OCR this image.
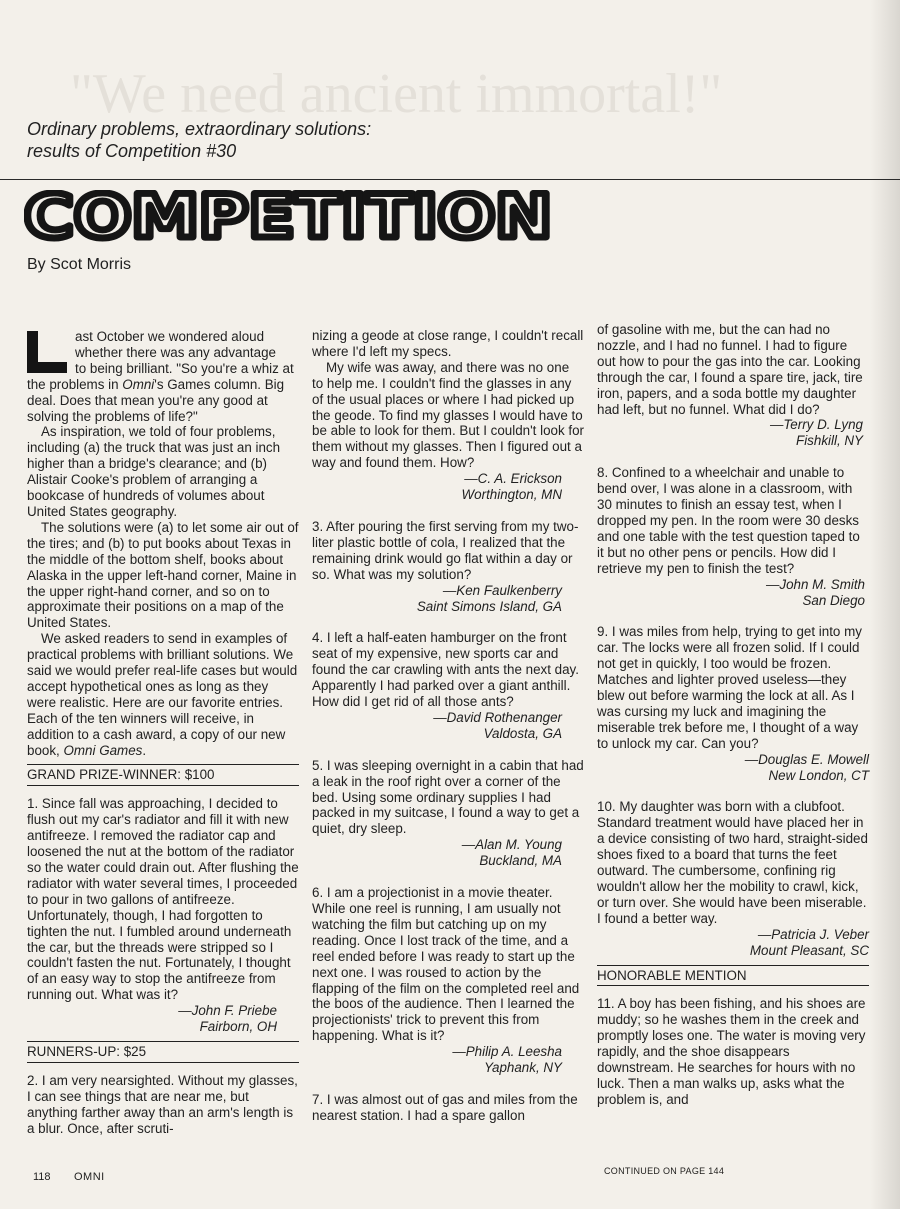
"We need ancient immortal!"
Ordinary problems, extraordinary solutions:
results of Competition #30
COMPETITION
By Scot Morris

ast October we wondered aloud
whether there was any advantage
to being brilliant. "So you're a whiz at the problems in Omni's Games column. Big deal. Does that mean you're any good at solving the problems of life?"

As inspiration, we told of four problems, including (a) the truck that was just an inch higher than a bridge's clearance; and (b) Alistair Cooke's problem of arranging a bookcase of hundreds of volumes about United States geography.

The solutions were (a) to let some air out of the tires; and (b) to put books about Texas in the middle of the bottom shelf, books about Alaska in the upper left-hand corner, Maine in the upper right-hand corner, and so on to approximate their positions on a map of the United States.

We asked readers to send in examples of practical problems with brilliant solutions. We said we would prefer real-life cases but would accept hypothetical ones as long as they were realistic. Here are our favorite entries. Each of the ten winners will receive, in addition to a cash award, a copy of our new book, Omni Games.

GRAND PRIZE-WINNER: $100

1. Since fall was approaching, I decided to flush out my car's radiator and fill it with new antifreeze. I removed the radiator cap and loosened the nut at the bottom of the radiator so the water could drain out. After flushing the radiator with water several times, I proceeded to pour in two gallons of antifreeze. Unfortunately, though, I had forgotten to tighten the nut. I fumbled around underneath the car, but the threads were stripped so I couldn't fasten the nut. Fortunately, I thought of an easy way to stop the antifreeze from running out. What was it?

—John F. Priebe
Fairborn, OH
RUNNERS-UP: $25

2. I am very nearsighted. Without my glasses, I can see things that are near me, but anything farther away than an arm's length is a blur. Once, after scruti-

nizing a geode at close range, I couldn't recall where I'd left my specs.

My wife was away, and there was no one to help me. I couldn't find the glasses in any of the usual places or where I had picked up the geode. To find my glasses I would have to be able to look for them. But I couldn't look for them without my glasses. Then I figured out a way and found them. How?

—C. A. Erickson
Worthington, MN

3. After pouring the first serving from my two-liter plastic bottle of cola, I realized that the remaining drink would go flat within a day or so. What was my solution?

—Ken Faulkenberry
Saint Simons Island, GA

4. I left a half-eaten hamburger on the front seat of my expensive, new sports car and found the car crawling with ants the next day. Apparently I had parked over a giant anthill. How did I get rid of all those ants?

—David Rothenanger
Valdosta, GA

5. I was sleeping overnight in a cabin that had a leak in the roof right over a corner of the bed. Using some ordinary supplies I had packed in my suitcase, I found a way to get a quiet, dry sleep.

—Alan M. Young
Buckland, MA

6. I am a projectionist in a movie theater. While one reel is running, I am usually not watching the film but catching up on my reading. Once I lost track of the time, and a reel ended before I was ready to start up the next one. I was roused to action by the flapping of the film on the completed reel and the boos of the audience. Then I learned the projectionists' trick to prevent this from happening. What is it?

—Philip A. Leesha
Yaphank, NY

7. I was almost out of gas and miles from the nearest station. I had a spare gallon

of gasoline with me, but the can had no nozzle, and I had no funnel. I had to figure out how to pour the gas into the car. Looking through the car, I found a spare tire, jack, tire iron, papers, and a soda bottle my daughter had left, but no funnel. What did I do?

—Terry D. Lyng
Fishkill, NY

8. Confined to a wheelchair and unable to bend over, I was alone in a classroom, with 30 minutes to finish an essay test, when I dropped my pen. In the room were 30 desks and one table with the test question taped to it but no other pens or pencils. How did I retrieve my pen to finish the test?

—John M. Smith
San Diego

9. I was miles from help, trying to get into my car. The locks were all frozen solid. If I could not get in quickly, I too would be frozen. Matches and lighter proved useless—they blew out before warming the lock at all. As I was cursing my luck and imagining the miserable trek before me, I thought of a way to unlock my car. Can you?

—Douglas E. Mowell
New London, CT

10. My daughter was born with a clubfoot. Standard treatment would have placed her in a device consisting of two hard, straight-sided shoes fixed to a board that turns the feet outward. The cumbersome, confining rig wouldn't allow her the mobility to crawl, kick, or turn over. She would have been miserable. I found a better way.

—Patricia J. Veber
Mount Pleasant, SC
HONORABLE MENTION

11. A boy has been fishing, and his shoes are muddy; so he washes them in the creek and promptly loses one. The water is moving very rapidly, and the shoe disappears downstream. He searches for hours with no luck. Then a man walks up, asks what the problem is, and

118 OMNI	CONTINUED ON PAGE 144
